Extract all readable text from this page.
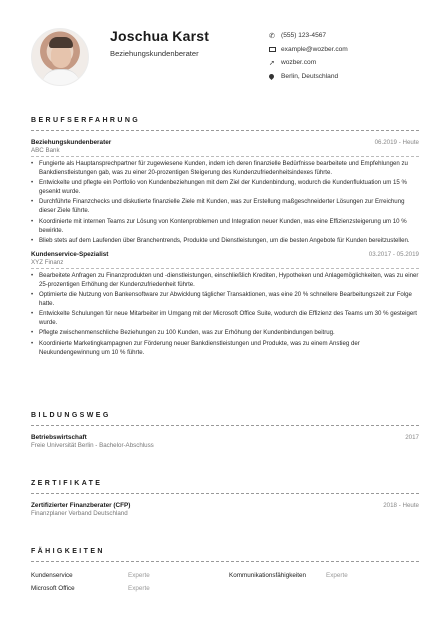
Joschua Karst
Beziehungskundenberater
✆
(555) 123-4567
example@wozber.com
➚
wozber.com
Berlin, Deutschland
BERUFSERFAHRUNG
Beziehungskundenberater	06.2019 - Heute
ABC Bank
• Fungierte als Hauptansprechpartner für zugewiesene Kunden, indem ich deren finanzielle Bedürfnisse bearbeitete und Empfehlungen zu Bankdienstleistungen gab, was zu einer 20-prozentigen Steigerung des Kundenzufriedenheitsindexes führte.
• Entwickelte und pflegte ein Portfolio von Kundenbeziehungen mit dem Ziel der Kundenbindung, wodurch die Kundenfluktuation um 15 % gesenkt wurde.
• Durchführte Finanzchecks und diskutierte finanzielle Ziele mit Kunden, was zur Erstellung maßgeschneiderter Lösungen zur Erreichung dieser Ziele führte.
• Koordinierte mit internen Teams zur Lösung von Kontenproblemen und Integration neuer Kunden, was eine Effizienzsteigerung um 10 % bewirkte.
• Blieb stets auf dem Laufenden über Branchentrends, Produkte und Dienstleistungen, um die besten Angebote für Kunden bereitzustellen.
Kundenservice-Spezialist	03.2017 - 05.2019
XYZ Finanz
• Bearbeitete Anfragen zu Finanzprodukten und -dienstleistungen, einschließlich Krediten, Hypotheken und Anlagemöglichkeiten, was zu einer 25-prozentigen Erhöhung der Kundenzufriedenheit führte.
• Optimierte die Nutzung von Bankensoftware zur Abwicklung täglicher Transaktionen, was eine 20 % schnellere Bearbeitungszeit zur Folge hatte.
• Entwickelte Schulungen für neue Mitarbeiter im Umgang mit der Microsoft Office Suite, wodurch die Effizienz des Teams um 30 % gesteigert wurde.
• Pflegte zwischenmenschliche Beziehungen zu 100 Kunden, was zur Erhöhung der Kundenbindungen beitrug.
• Koordinierte Marketingkampagnen zur Förderung neuer Bankdienstleistungen und Produkte, was zu einem Anstieg der Neukundengewinnung um 10 % führte.
BILDUNGSWEG
Betriebswirtschaft	2017
Freie Universität Berlin - Bachelor-Abschluss
ZERTIFIKATE
Zertifizierter Finanzberater (CFP)	2018 - Heute
Finanzplaner Verband Deutschland
FÄHIGKEITEN
Kundenservice	Experte	Kommunikationsfähigkeiten	Experte
Microsoft Office	Experte
